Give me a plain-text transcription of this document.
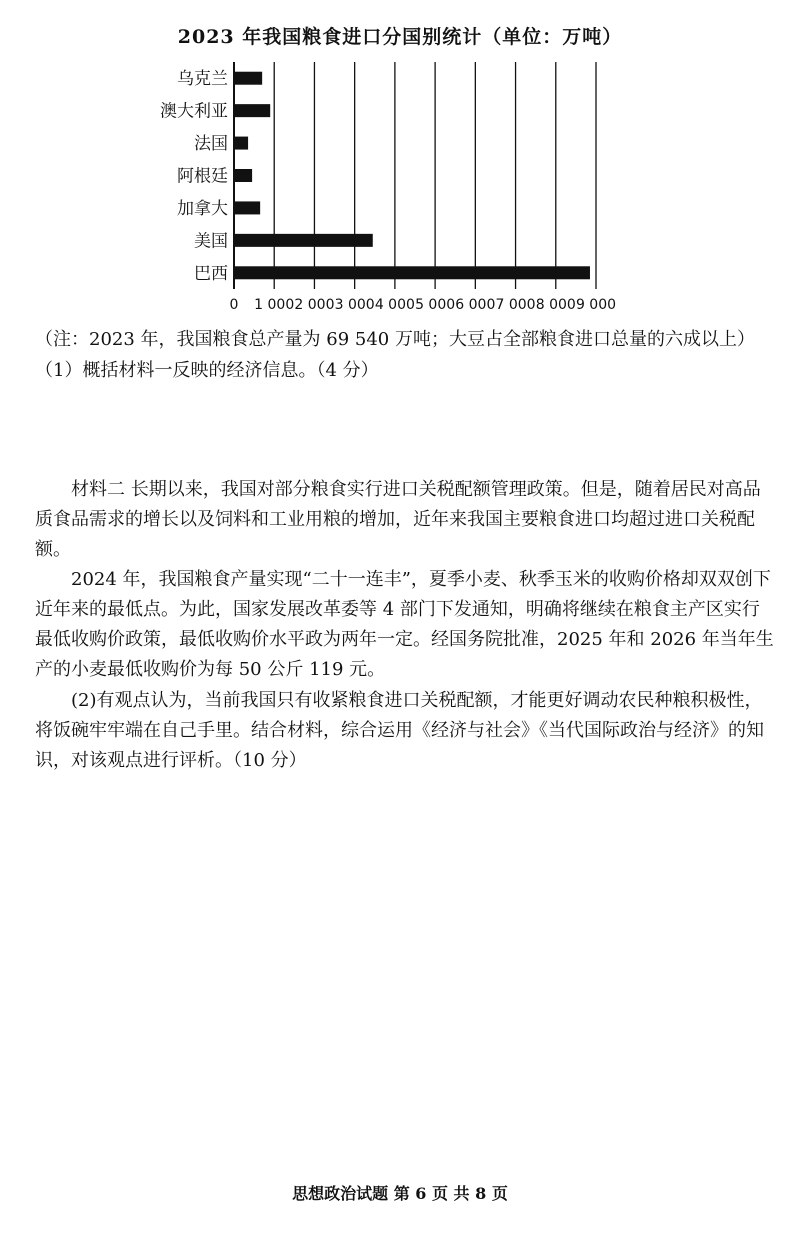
2023 年我国粮食进口分国别统计（单位：万吨）
乌克兰
澳大利亚
法国
阿根廷
加拿大
美国
巴西
0 1 000 2 000 3 000 4 000 5 000 6 000 7 000 8 000 9 000

（注：2023 年，我国粮食总产量为 69 540 万吨；大豆占全部粮食进口总量的六成以上）

（1）概括材料一反映的经济信息。（4 分）

材料二 长期以来，我国对部分粮食实行进口关税配额管理政策。但是，随着居民对高品质食品需求的增长以及饲料和工业用粮的增加，近年来我国主要粮食进口均超过进口关税配额。

2024 年，我国粮食产量实现“二十一连丰”，夏季小麦、秋季玉米的收购价格却双双创下近年来的最低点。为此，国家发展改革委等 4 部门下发通知，明确将继续在粮食主产区实行最低收购价政策，最低收购价水平政为两年一定。经国务院批准，2025 年和 2026 年当年生产的小麦最低收购价为每 50 公斤 119 元。

(2)有观点认为，当前我国只有收紧粮食进口关税配额，才能更好调动农民种粮积极性，将饭碗牢牢端在自己手里。结合材料，综合运用《经济与社会》《当代国际政治与经济》的知识，对该观点进行评析。（10 分）

思想政治试题 第 6 页 共 8 页
